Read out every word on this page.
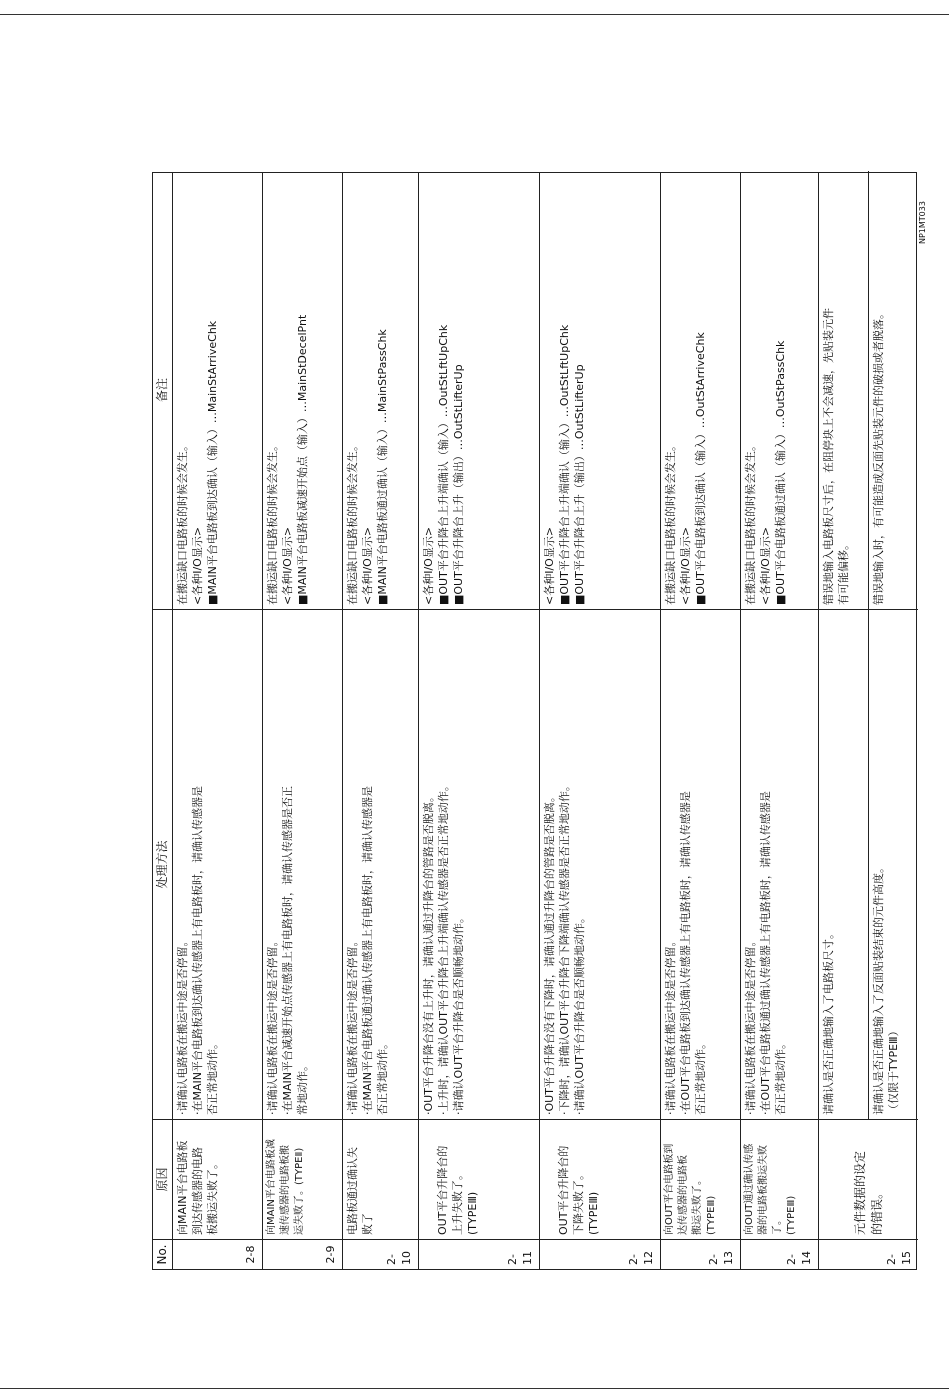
NP1MT033
No.
原因
处理方法
备注
2-8
向MAIN平台电路板
到达传感器的电路
板搬运失败了。
·请确认电路板在搬运中途是否停留。
·在MAIN平台电路板到达确认传感器上有电路板时，请确认传感器是
否正常地动作。
在搬运缺口电路板的时候会发生。
<各种I/O显示>
■MAIN平台电路板到达确认（输入）…MainStArriveChk
2-9
向MAIN平台电路板减
速传感器的电路板搬
运失败了。(TYPEⅡ)
·请确认电路板在搬运中途是否停留。
·在MAIN平台减速开始点传感器上有电路板时，请确认传感器是否正
常地动作。
在搬运缺口电路板的时候会发生。
<各种I/O显示>
■MAIN平台电路板减速开始点（输入）…MainStDecelPnt
2-10
电路板通过确认失
败了
·请确认电路板在搬运中途是否停留。
·在MAIN平台电路板通过确认传感器上有电路板时，请确认传感器是
否正常地动作。
在搬运缺口电路板的时候会发生。
<各种I/O显示>
■MAIN平台电路板通过确认（输入）…MainStPassChk
2-11
OUT平台升降台的
上升失败了。
(TYPEⅢ)
·OUT平台升降台没有上升时，请确认通过升降台的管路是否脱离。
·上升时，请确认OUT平台升降台上升端确认传感器是否正常地动作。
·请确认OUT平台升降台是否顺畅地动作。
<各种I/O显示>
■OUT平台升降台上升端确认（输入）…OutStLftUpChk
■OUT平台升降台上升（输出）…OutStLifterUp
2-12
OUT平台升降台的
下降失败了。
(TYPEⅢ)
·OUT平台升降台没有下降时，请确认通过升降台的管路是否脱离。
·下降时，请确认OUT平台升降台下降端确认传感器是否正常地动作。
·请确认OUT平台升降台是否顺畅地动作。
<各种I/O显示>
■OUT平台升降台上升端确认（输入）…OutStLftUpChk
■OUT平台升降台上升（输出）…OutStLifterUp
2-13
向OUT平台电路板到
达传感器的电路板
搬运失败了。
(TYPEⅢ)
·请确认电路板在搬运中途是否停留。
·在OUT平台电路板到达确认传感器上有电路板时，请确认传感器是
否正常地动作。
在搬运缺口电路板的时候会发生。
<各种I/O显示>
■OUT平台电路板到达确认（输入）…OutStArriveChk
2-14
向OUT通过确认传感
器的电路板搬运失败
了。
(TYPEⅢ)
·请确认电路板在搬运中途是否停留。
·在OUT平台电路板通过确认传感器上有电路板时，请确认传感器是
否正常地动作。
在搬运缺口电路板的时候会发生。
<各种I/O显示>
■OUT平台电路板通过确认（输入）…OutStPassChk
2-15
元件数据的设定
的错误。

请确认是否正确地输入了电路板尺寸。	请确认是否正确地输入了反面贴装结束的元件高度。
（仅限于TYPEⅢ）

错误地输入电路板尺寸后，在阻停块上不会减速，先贴装元件
有可能偏移。 错误地输入时，有可能造成反面先贴装元件的破损或者脱落。
